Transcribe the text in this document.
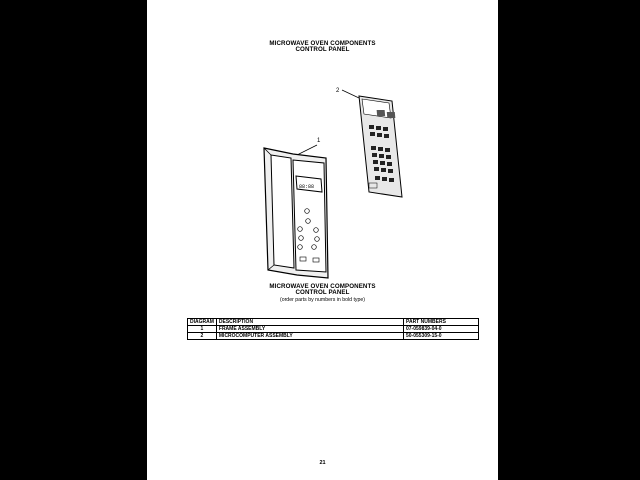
MICROWAVE OVEN COMPONENTS
CONTROL PANEL
2
1
88:88
MICROWAVE OVEN COMPONENTS
CONTROL PANEL
(order parts by numbers in bold type)
DIAGRAM	DESCRIPTION	PART NUMBERS
1	FRAME ASSEMBLY	07-059839-04-0
2	MICROCOMPUTER ASSEMBLY	50-055309-15-0
21
